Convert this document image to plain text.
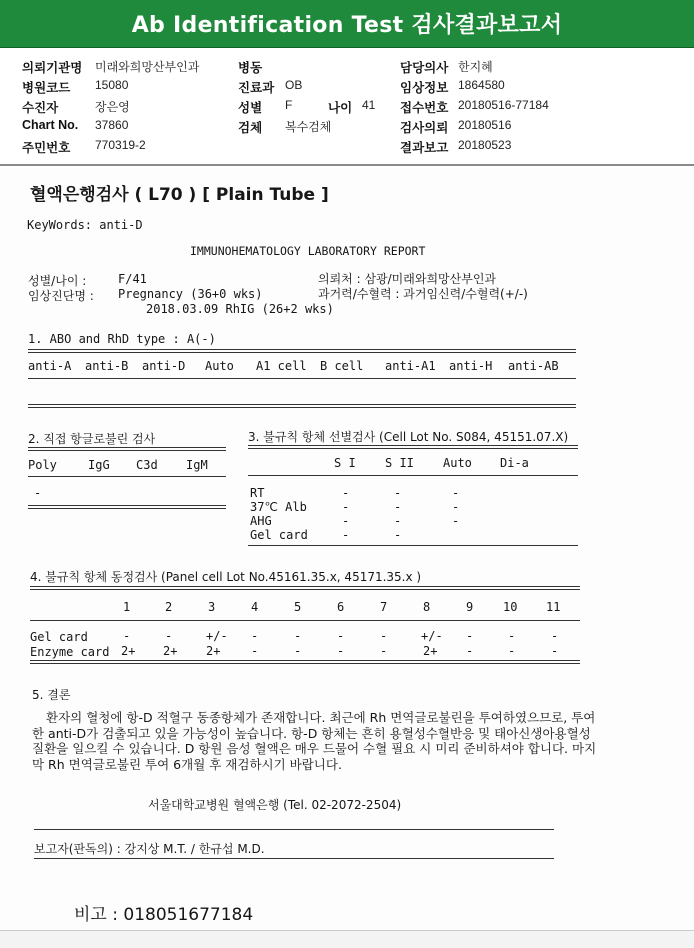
Ab Identification Test 검사결과보고서
의뢰기관명 미래와희망산부인과	병동	담당의사 한지혜
병원코드 15080	진료과 OB	임상정보 1864580
수진자	장은영	성별 F	나이 41 접수번호 20180516-77184
Chart No. 37860	검체 복수검체	검사의뢰 20180516
주민번호 770319-2	결과보고 20180523
혈액은행검사 ( L70 ) [ Plain Tube ]
KeyWords: anti-D
IMMUNOHEMATOLOGY LABORATORY REPORT
성별/나이 :	F/41
임상진단명 : Pregnancy (36+0 wks)
2018.03.09 RhIG (26+2 wks)
의뢰처 : 삼광/미래와희망산부인과
과거력/수혈력 : 과거임신력/수혈력(+/-)
1. ABO and RhD type : A(-)
anti-A anti-B anti-D Auto A1 cell B cell anti-A1 anti-H anti-AB
2. 직접 항글로불린 검사
Poly	IgG C3d IgM
-
3. 불규칙 항체 선별검사 (Cell Lot No. S084, 45151.07.X)
S I S II Auto Di-a
RT	-	-	-
37℃ Alb	-	-	-
AHG	-	-	-
Gel card	-	-
4. 불규칙 항체 동정검사 (Panel cell Lot No.45161.35.x, 45171.35.x )
1	2	3	4	5	6	7	8	9 10 11
Gel card	-	-	+/- -	-	-	-	+/- -	-	-
Enzyme card 2+ 2+ 2+	-	-	-	-	2+ -	-	-
5. 결론
환자의 혈청에 항-D 적혈구 동종항체가 존재합니다. 최근에 Rh 면역글로불린을 투여하였으므로, 투여한 anti-D가 검출되고 있을 가능성이 높습니다. 항-D 항체는 흔히 용혈성수혈반응 및 태아신생아용혈성질환을 일으킬 수 있습니다. D 항원 음성 혈액은 매우 드물어 수혈 필요 시 미리 준비하셔야 합니다. 마지막 Rh 면역글로불린 투여 6개월 후 재검하시기 바랍니다.
서울대학교병원 혈액은행 (Tel. 02-2072-2504)
보고자(판독의) : 강지상 M.T. / 한규섭 M.D.
비고 : 018051677184
